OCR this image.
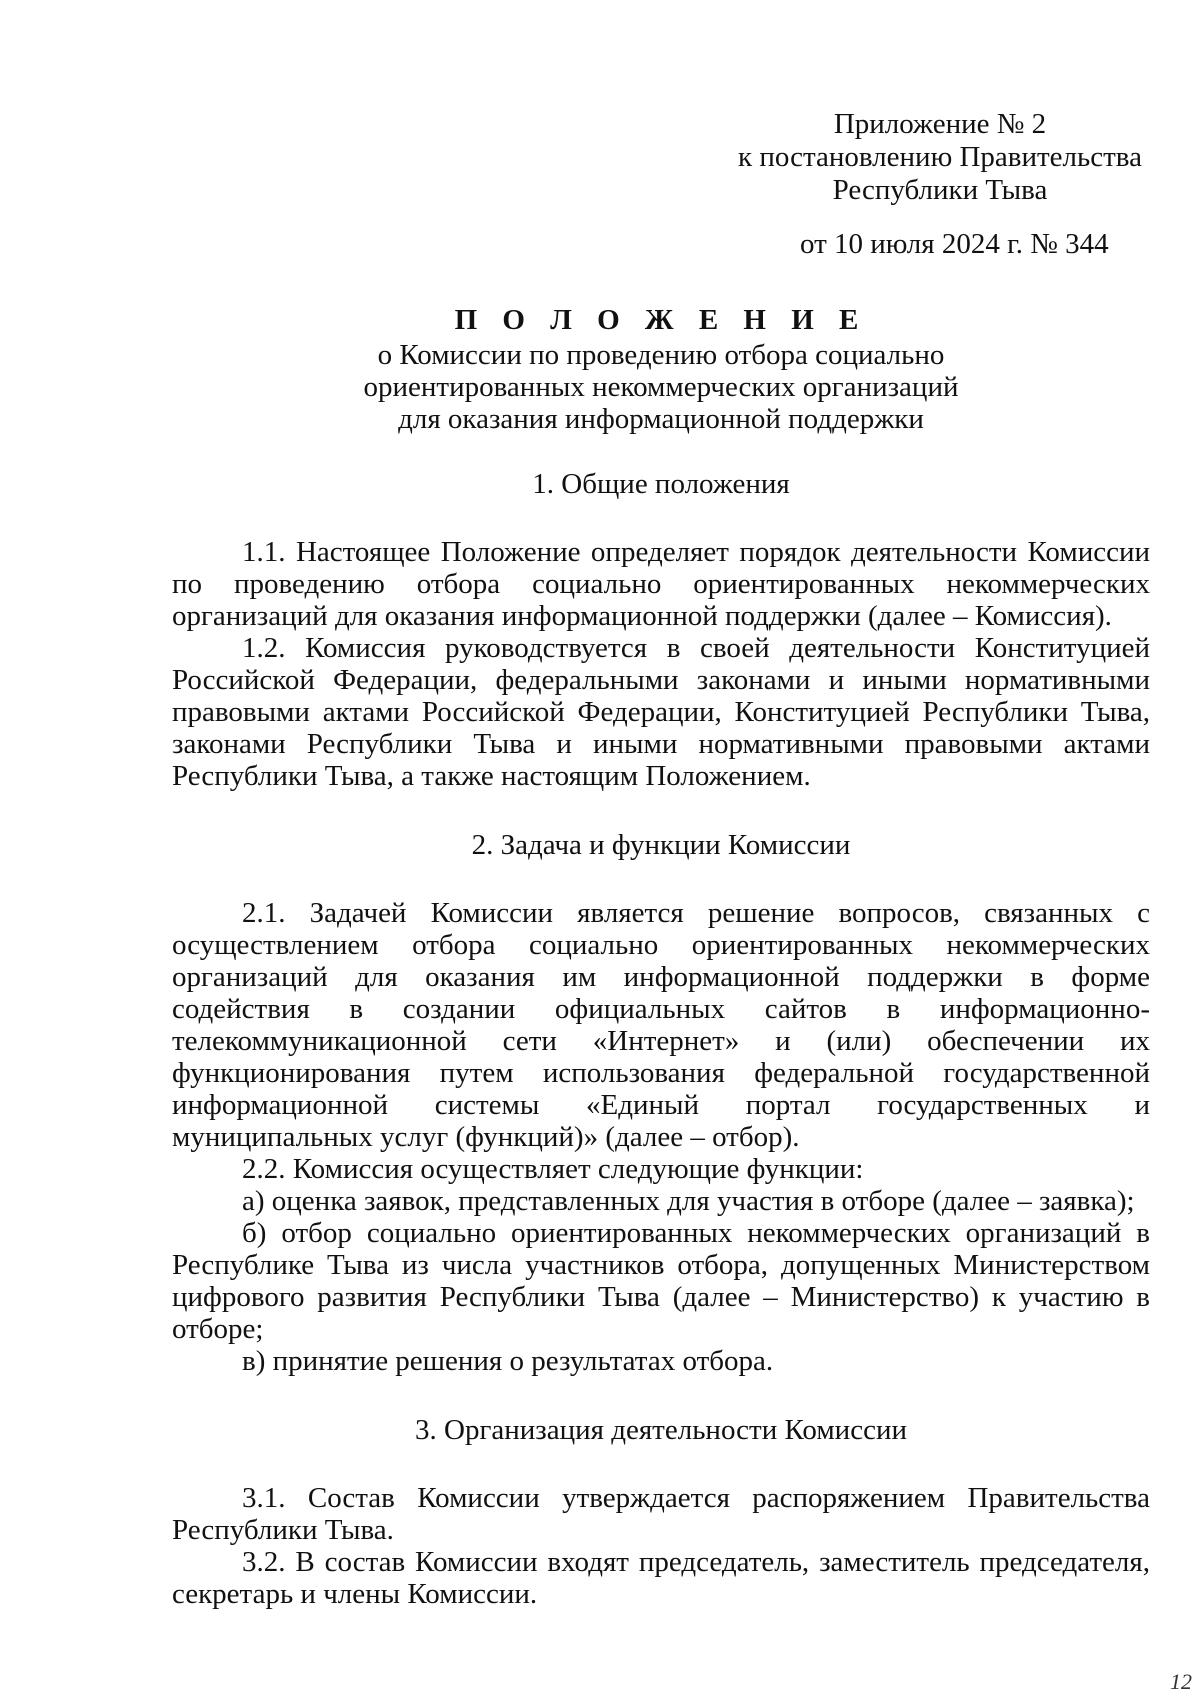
Приложение № 2
к постановлению Правительства
Республики Тыва
от 10 июля 2024 г. № 344
П О Л О Ж Е Н И Е
о Комиссии по проведению отбора социально
ориентированных некоммерческих организаций
для оказания информационной поддержки
1. Общие положения

1.1. Настоящее Положение определяет порядок деятельности Комиссии по проведению отбора социально ориентированных некоммерческих организаций для оказания информационной поддержки (далее – Комиссия).

1.2. Комиссия руководствуется в своей деятельности Конституцией Российской Федерации, федеральными законами и иными нормативными правовыми актами Российской Федерации, Конституцией Республики Тыва, законами Республики Тыва и иными нормативными правовыми актами Республики Тыва, а также настоящим Положением.

2. Задача и функции Комиссии

2.1. Задачей Комиссии является решение вопросов, связанных с осуществлением отбора социально ориентированных некоммерческих организаций для оказания им информационной поддержки в форме содействия в создании официальных сайтов в информационно-телекоммуникационной сети «Интернет» и (или) обеспечении их функционирования путем использования федеральной государственной информационной системы «Единый портал государственных и муниципальных услуг (функций)» (далее – отбор).

2.2. Комиссия осуществляет следующие функции:

а) оценка заявок, представленных для участия в отборе (далее – заявка);

б) отбор социально ориентированных некоммерческих организаций в Республике Тыва из числа участников отбора, допущенных Министерством цифрового развития Республики Тыва (далее – Министерство) к участию в отборе;

в) принятие решения о результатах отбора.

3. Организация деятельности Комиссии

3.1. Состав Комиссии утверждается распоряжением Правительства Республики Тыва.

3.2. В состав Комиссии входят председатель, заместитель председателя, секретарь и члены Комиссии.

12
